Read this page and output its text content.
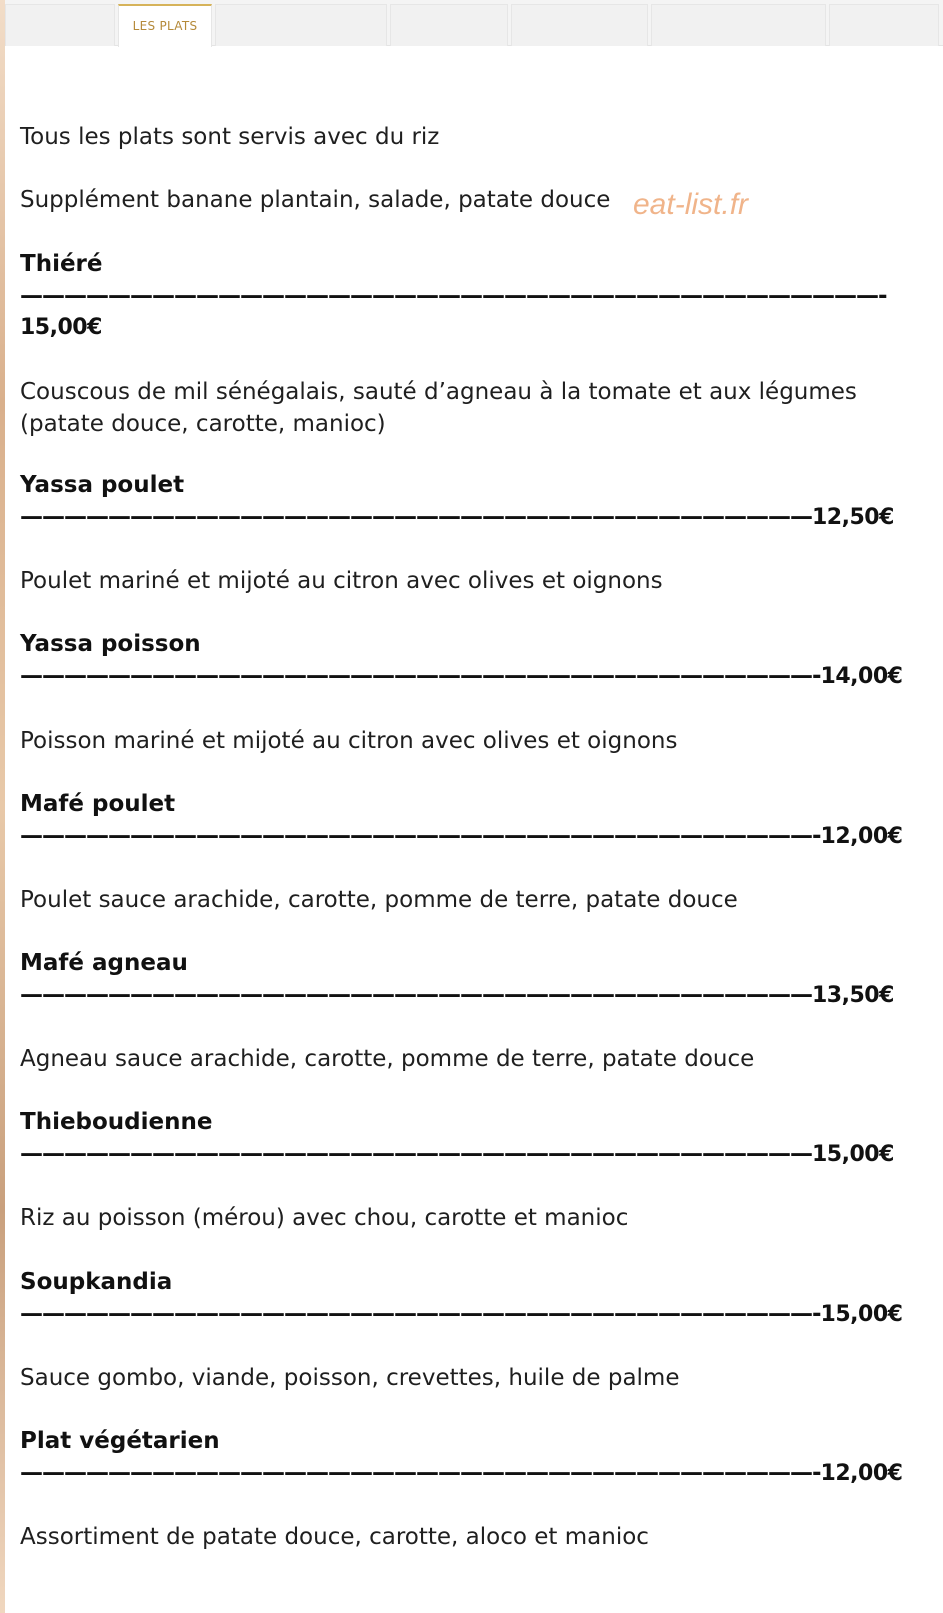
LES PLATS
eat-list.fr
Tous les plats sont servis avec du riz
Supplément banane plantain, salade, patate douce
Thiéré
———————————————————————————————————————-
15,00€
Couscous de mil sénégalais, sauté d’agneau à la tomate et aux légumes (patate douce, carotte, manioc)
Yassa poulet
————————————————————————————————————12,50€
Poulet mariné et mijoté au citron avec olives et oignons
Yassa poisson
————————————————————————————————————-14,00€
Poisson mariné et mijoté au citron avec olives et oignons
Mafé poulet
————————————————————————————————————-12,00€
Poulet sauce arachide, carotte, pomme de terre, patate douce
Mafé agneau
————————————————————————————————————13,50€
Agneau sauce arachide, carotte, pomme de terre, patate douce
Thieboudienne
————————————————————————————————————15,00€
Riz au poisson (mérou) avec chou, carotte et manioc
Soupkandia
————————————————————————————————————-15,00€
Sauce gombo, viande, poisson, crevettes, huile de palme
Plat végétarien
————————————————————————————————————-12,00€
Assortiment de patate douce, carotte, aloco et manioc
